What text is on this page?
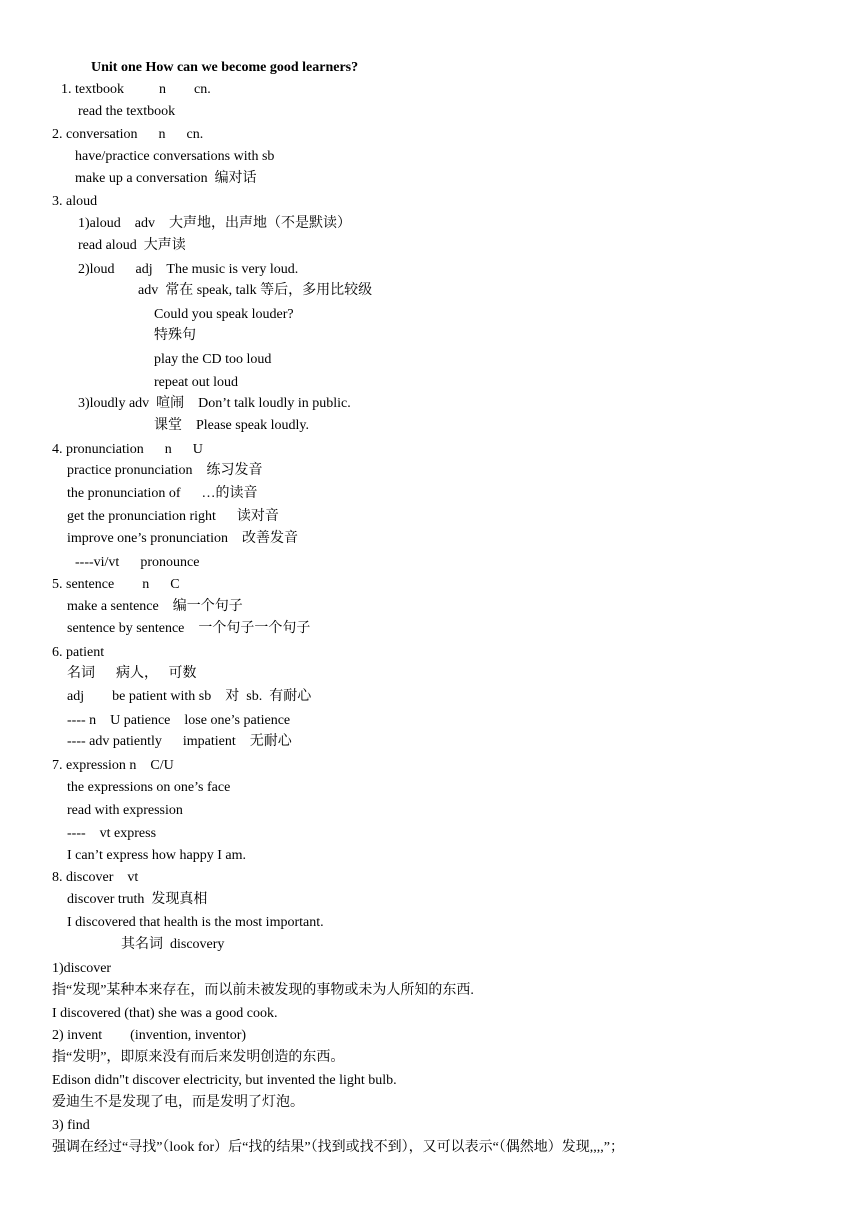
Unit one How can we become good learners?
1. textbook          n        cn.
read the textbook
2. conversation      n      cn.
have/practice conversations with sb
make up a conversation  编对话
3. aloud
1)aloud    adv    大声地，出声地（不是默读）
read aloud  大声读
2)loud      adj    The music is very loud.
adv  常在 speak, talk 等后，多用比较级
Could you speak louder?
特殊句
play the CD too loud
repeat out loud
3)loudly adv  喧闹    Don’t talk loudly in public.
课堂    Please speak loudly.
4. pronunciation      n      U
practice pronunciation    练习发音
the pronunciation of      …的读音
get the pronunciation right      读对音
improve one’s pronunciation    改善发音
----vi/vt      pronounce
5. sentence        n      C
make a sentence    编一个句子
sentence by sentence    一个句子一个句子
6. patient
名词      病人，   可数
adj        be patient with sb    对  sb.  有耐心
---- n    U patience    lose one’s patience
---- adv patiently      impatient    无耐心
7. expression n    C/U
the expressions on one’s face
read with expression
----    vt express
I can’t express how happy I am.
8. discover    vt
discover truth  发现真相
I discovered that health is the most important.
其名词  discovery
1)discover
指“发现”某种本来存在，而以前未被发现的事物或未为人所知的东西.
I discovered (that) she was a good cook.
2) invent        (invention, inventor)
指“发明”，即原来没有而后来发明创造的东西。
Edison didn"t discover electricity, but invented the light bulb.
爱迪生不是发现了电，而是发明了灯泡。
3) find
强调在经过“寻找”（look for）后“找的结果”（找到或找不到），又可以表示“（偶然地）发现,,,,”；
